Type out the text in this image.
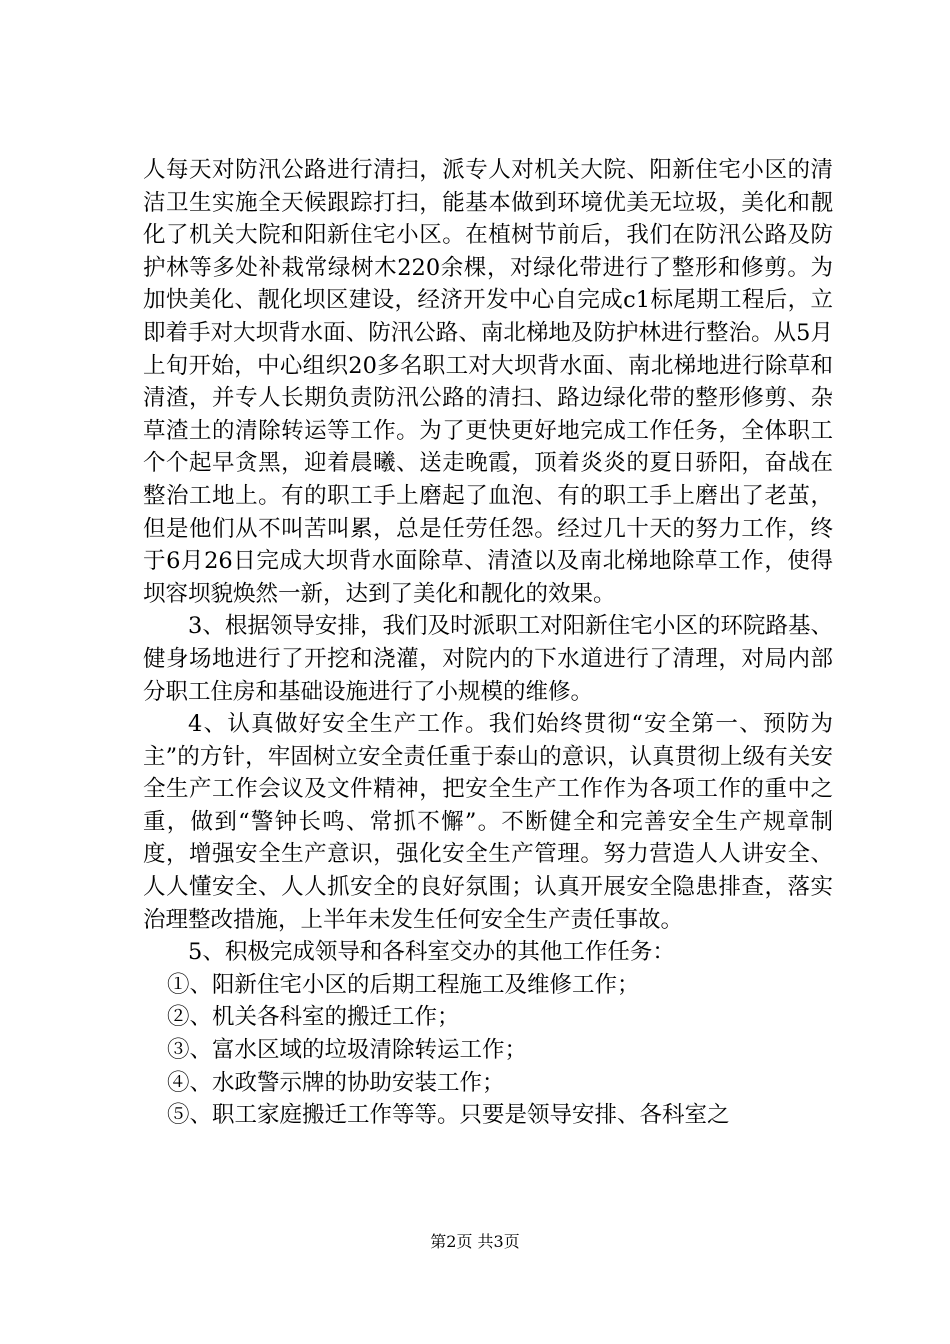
人每天对防汛公路进行清扫，派专人对机关大院、阳新住宅小区的清洁卫生实施全天候跟踪打扫，能基本做到环境优美无垃圾，美化和靓化了机关大院和阳新住宅小区。在植树节前后，我们在防汛公路及防护林等多处补栽常绿树木220余棵，对绿化带进行了整形和修剪。为加快美化、靓化坝区建设，经济开发中心自完成c1标尾期工程后，立即着手对大坝背水面、防汛公路、南北梯地及防护林进行整治。从5月上旬开始，中心组织20多名职工对大坝背水面、南北梯地进行除草和清渣，并专人长期负责防汛公路的清扫、路边绿化带的整形修剪、杂草渣土的清除转运等工作。为了更快更好地完成工作任务，全体职工个个起早贪黑，迎着晨曦、送走晚霞，顶着炎炎的夏日骄阳，奋战在整治工地上。有的职工手上磨起了血泡、有的职工手上磨出了老茧，但是他们从不叫苦叫累，总是任劳任怨。经过几十天的努力工作，终于6月26日完成大坝背水面除草、清渣以及南北梯地除草工作，使得坝容坝貌焕然一新，达到了美化和靓化的效果。

3、根据领导安排，我们及时派职工对阳新住宅小区的环院路基、健身场地进行了开挖和浇灌，对院内的下水道进行了清理，对局内部分职工住房和基础设施进行了小规模的维修。

4、认真做好安全生产工作。我们始终贯彻“安全第一、预防为主”的方针，牢固树立安全责任重于泰山的意识，认真贯彻上级有关安全生产工作会议及文件精神，把安全生产工作作为各项工作的重中之重，做到“警钟长鸣、常抓不懈”。不断健全和完善安全生产规章制度，增强安全生产意识，强化安全生产管理。努力营造人人讲安全、人人懂安全、人人抓安全的良好氛围；认真开展安全隐患排查，落实治理整改措施，上半年未发生任何安全生产责任事故。

5、积极完成领导和各科室交办的其他工作任务：

①、阳新住宅小区的后期工程施工及维修工作；

②、机关各科室的搬迁工作；

③、富水区域的垃圾清除转运工作；

④、水政警示牌的协助安装工作；

⑤、职工家庭搬迁工作等等。只要是领导安排、各科室之

第2页 共3页
